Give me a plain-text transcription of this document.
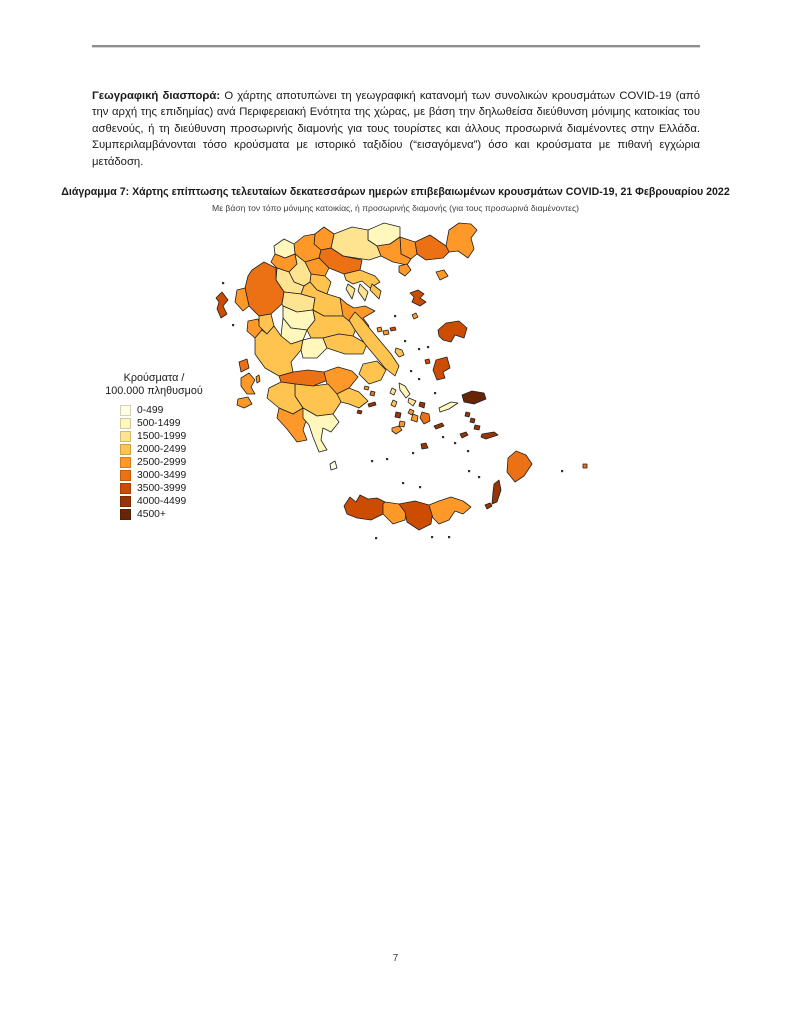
Γεωγραφική διασπορά: Ο χάρτης αποτυπώνει τη γεωγραφική κατανομή των συνολικών κρουσμάτων COVID-19 (από την αρχή της επιδημίας) ανά Περιφερειακή Ενότητα της χώρας, με βάση την δηλωθείσα διεύθυνση μόνιμης κατοικίας του ασθενούς, ή τη διεύθυνση προσωρινής διαμονής για τους τουρίστες και άλλους προσωρινά διαμένοντες στην Ελλάδα. Συμπεριλαμβάνονται τόσο κρούσματα με ιστορικό ταξιδίου (“εισαγόμενα”) όσο και κρούσματα με πιθανή εγχώρια μετάδοση.

Διάγραμμα 7: Χάρτης επίπτωσης τελευταίων δεκατεσσάρων ημερών επιβεβαιωμένων κρουσμάτων COVID-19, 21 Φεβρουαρίου 2022
Με βάση τον τόπο μόνιμης κατοικίας, ή προσωρινής διαμονής (για τους προσωρινά διαμένοντες)
Κρούσματα /
100.000 πληθυσμού
0-499
500-1499
1500-1999
2000-2499
2500-2999
3000-3499
3500-3999
4000-4499
4500+
7
